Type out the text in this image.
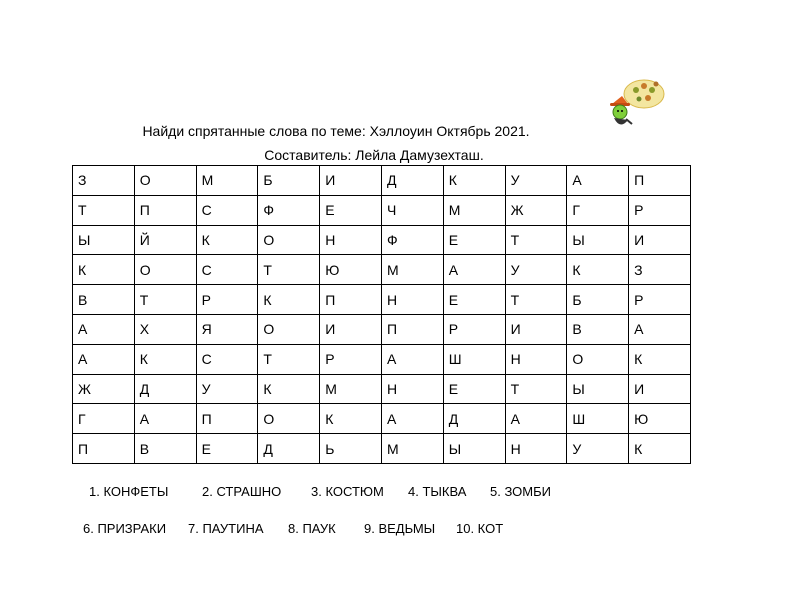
Найди спрятанные слова по теме: Хэллоуин Октябрь 2021.
Составитель: Лейла Дамузехташ.
З	О	М	Б	И	Д	К	У	А	П
Т	П	С	Ф	Е	Ч	М	Ж	Г	Р
Ы	Й	К	О	Н	Ф	Е	Т	Ы	И
К	О	С	Т	Ю	М	А	У	К	З
В	Т	Р	К	П	Н	Е	Т	Б	Р
А	Х	Я	О	И	П	Р	И	В	А
А	К	С	Т	Р	А	Ш	Н	О	К
Ж	Д	У	К	М	Н	Е	Т	Ы	И
Г	А	П	О	К	А	Д	А	Ш	Ю
П	В	Е	Д	Ь	М	Ы	Н	У	К
1. КОНФЕТЫ	2. СТРАШНО 3. КОСТЮМ 4. ТЫКВА 5. ЗОМБИ
6. ПРИЗРАКИ 7. ПАУТИНА 8. ПАУК 9. ВЕДЬМЫ 10. КОТ
